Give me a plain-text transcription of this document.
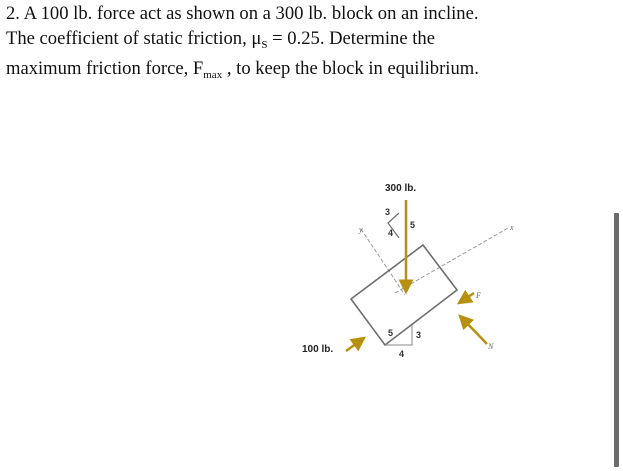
2. A 100 lb. force act as shown on a 300 lb. block on an incline.
The coefficient of static friction, $\mu_S = 0.25$. Determine the
maximum friction force, $F_{max}$ , to keep the block in equilibrium.
x
y
3
4
5
5	3
4
300 lb.
100 lb.
F
N
